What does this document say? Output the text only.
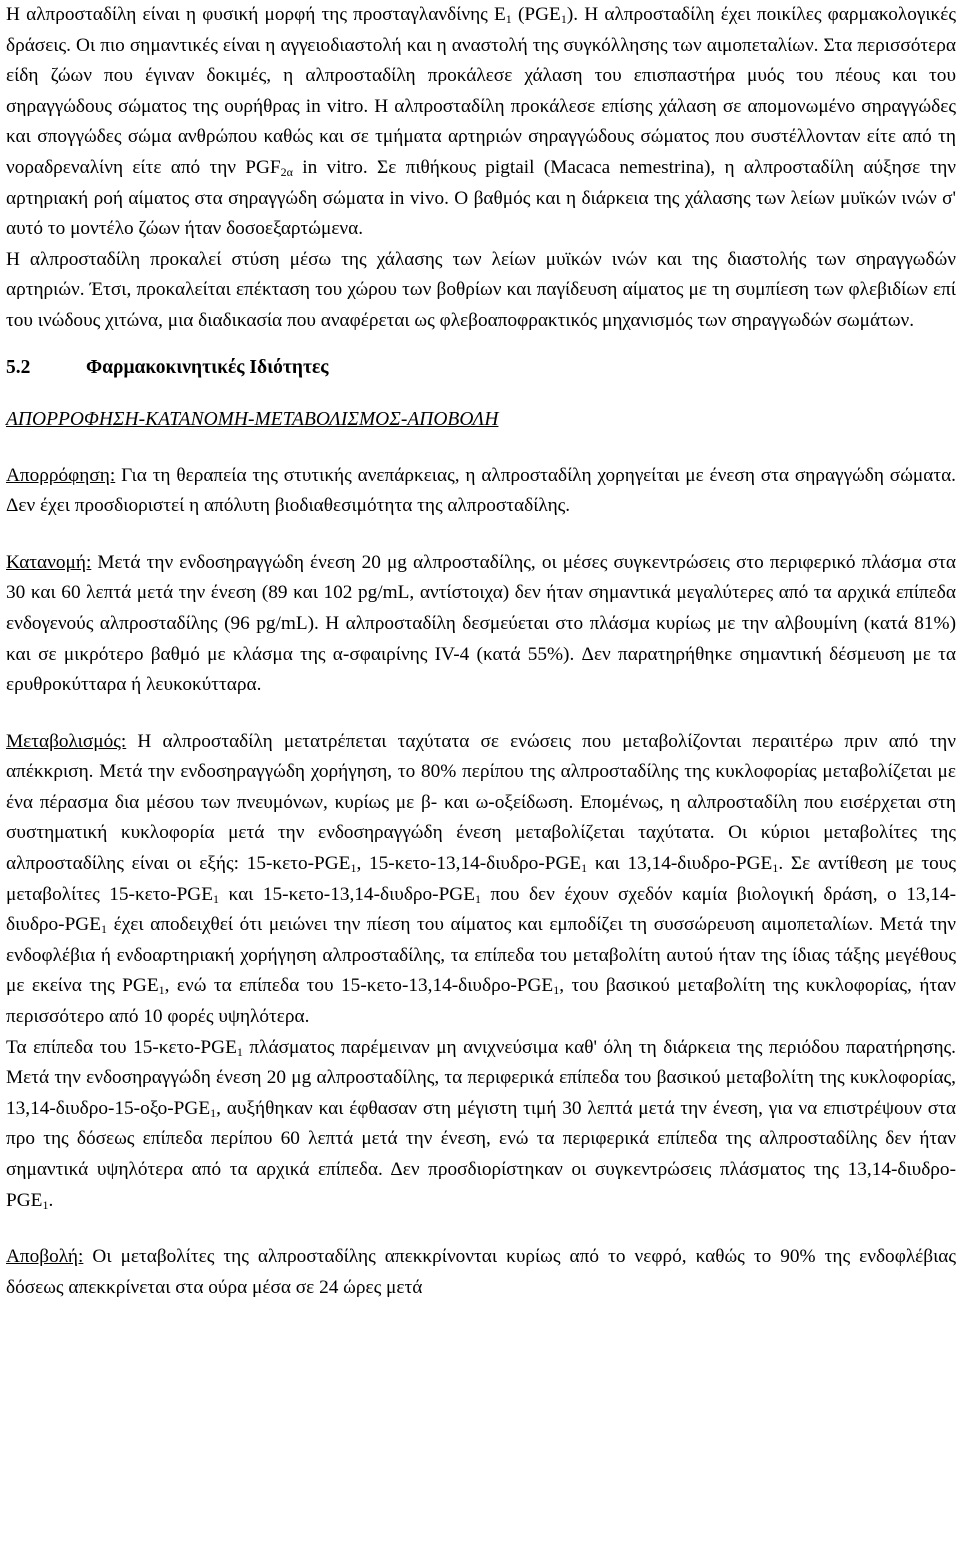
Η αλπροσταδίλη είναι η φυσική μορφή της προσταγλανδίνης $E_1$ $(PGE_1)$. Η αλπροσταδίλη έχει ποικίλες φαρμακολογικές δράσεις. Οι πιο σημαντικές είναι η αγγειοδιαστολή και η αναστολή της συγκόλλησης των αιμοπεταλίων. Στα περισσότερα είδη ζώων που έγιναν δοκιμές, η αλπροσταδίλη προκάλεσε χάλαση του επισπαστήρα μυός του πέους και του σηραγγώδους σώματος της ουρήθρας in vitro. Η αλπροσταδίλη προκάλεσε επίσης χάλαση σε απομονωμένο σηραγγώδες και σπογγώδες σώμα ανθρώπου καθώς και σε τμήματα αρτηριών σηραγγώδους σώματος που συστέλλονταν είτε από τη νοραδρεναλίνη είτε από την $PGF_{2\alpha}$ in vitro. Σε πιθήκους pigtail (Macaca nemestrina), η αλπροσταδίλη αύξησε την αρτηριακή ροή αίματος στα σηραγγώδη σώματα in vivo. Ο βαθμός και η διάρκεια της χάλασης των λείων μυϊκών ινών σ' αυτό το μοντέλο ζώων ήταν δοσοεξαρτώμενα.

Η αλπροσταδίλη προκαλεί στύση μέσω της χάλασης των λείων μυϊκών ινών και της διαστολής των σηραγγωδών αρτηριών. Έτσι, προκαλείται επέκταση του χώρου των βοθρίων και παγίδευση αίματος με τη συμπίεση των φλεβιδίων επί του ινώδους χιτώνα, μια διαδικασία που αναφέρεται ως φλεβοαποφρακτικός μηχανισμός των σηραγγωδών σωμάτων.

5.2	Φαρμακοκινητικές Ιδιότητες
ΑΠΟΡΡΟΦΗΣΗ-ΚΑΤΑΝΟΜΗ-ΜΕΤΑΒΟΛΙΣΜΟΣ-ΑΠΟΒΟΛΗ

Απορρόφηση: Για τη θεραπεία της στυτικής ανεπάρκειας, η αλπροσταδίλη χορηγείται με ένεση στα σηραγγώδη σώματα. Δεν έχει προσδιοριστεί η απόλυτη βιοδιαθεσιμότητα της αλπροσταδίλης.

Κατανομή: Μετά την ενδοσηραγγώδη ένεση 20 μg αλπροσταδίλης, οι μέσες συγκεντρώσεις στο περιφερικό πλάσμα στα 30 και 60 λεπτά μετά την ένεση (89 και 102 pg/mL, αντίστοιχα) δεν ήταν σημαντικά μεγαλύτερες από τα αρχικά επίπεδα ενδογενούς αλπροσταδίλης (96 pg/mL). Η αλπροσταδίλη δεσμεύεται στο πλάσμα κυρίως με την αλβουμίνη (κατά 81%) και σε μικρότερο βαθμό με κλάσμα της α-σφαιρίνης IV-4 (κατά 55%). Δεν παρατηρήθηκε σημαντική δέσμευση με τα ερυθροκύτταρα ή λευκοκύτταρα.

Μεταβολισμός: Η αλπροσταδίλη μετατρέπεται ταχύτατα σε ενώσεις που μεταβολίζονται περαιτέρω πριν από την απέκκριση. Μετά την ενδοσηραγγώδη χορήγηση, το 80% περίπου της αλπροσταδίλης της κυκλοφορίας μεταβολίζεται με ένα πέρασμα δια μέσου των πνευμόνων, κυρίως με β- και ω-οξείδωση. Επομένως, η αλπροσταδίλη που εισέρχεται στη συστηματική κυκλοφορία μετά την ενδοσηραγγώδη ένεση μεταβολίζεται ταχύτατα. Οι κύριοι μεταβολίτες της αλπροσταδίλης είναι οι εξής: $15-\kappa\varepsilon\tau o-PGE_1$, $15-\kappa\varepsilon\tau o-13,14-\delta\iota\upsilon\delta\rho o-PGE_1$ και $13,14-\delta\iota\upsilon\delta\rho o-PGE_1$. Σε αντίθεση με τους μεταβολίτες $15-\kappa\varepsilon\tau o-PGE_1$ και $15-\kappa\varepsilon\tau o-13,14-\delta\iota\upsilon\delta\rho o-PGE_1$ που δεν έχουν σχεδόν καμία βιολογική δράση, ο $13,14-\delta\iota\upsilon\delta\rho o-PGE_1$ έχει αποδειχθεί ότι μειώνει την πίεση του αίματος και εμποδίζει τη συσσώρευση αιμοπεταλίων. Μετά την ενδοφλέβια ή ενδοαρτηριακή χορήγηση αλπροσταδίλης, τα επίπεδα του μεταβολίτη αυτού ήταν της ίδιας τάξης μεγέθους με εκείνα της $PGE_1$, ενώ τα επίπεδα του $15-\kappa\varepsilon\tau o-13,14-\delta\iota\upsilon\delta\rho o-PGE_1$, του βασικού μεταβολίτη της κυκλοφορίας, ήταν περισσότερο από 10 φορές υψηλότερα.

Τα επίπεδα του $15-\kappa\varepsilon\tau o-PGE_1$ πλάσματος παρέμειναν μη ανιχνεύσιμα καθ' όλη τη διάρκεια της περιόδου παρατήρησης. Μετά την ενδοσηραγγώδη ένεση 20 μg αλπροσταδίλης, τα περιφερικά επίπεδα του βασικού μεταβολίτη της κυκλοφορίας, $13,14-\delta\iota\upsilon\delta\rho o-15-o\xi o-PGE_1$, αυξήθηκαν και έφθασαν στη μέγιστη τιμή 30 λεπτά μετά την ένεση, για να επιστρέψουν στα προ της δόσεως επίπεδα περίπου 60 λεπτά μετά την ένεση, ενώ τα περιφερικά επίπεδα της αλπροσταδίλης δεν ήταν σημαντικά υψηλότερα από τα αρχικά επίπεδα. Δεν προσδιορίστηκαν οι συγκεντρώσεις πλάσματος της 13,14-διυδρο- $PGE_1$.

Αποβολή: Οι μεταβολίτες της αλπροσταδίλης απεκκρίνονται κυρίως από το νεφρό, καθώς το 90% της ενδοφλέβιας δόσεως απεκκρίνεται στα ούρα μέσα σε 24 ώρες μετά
